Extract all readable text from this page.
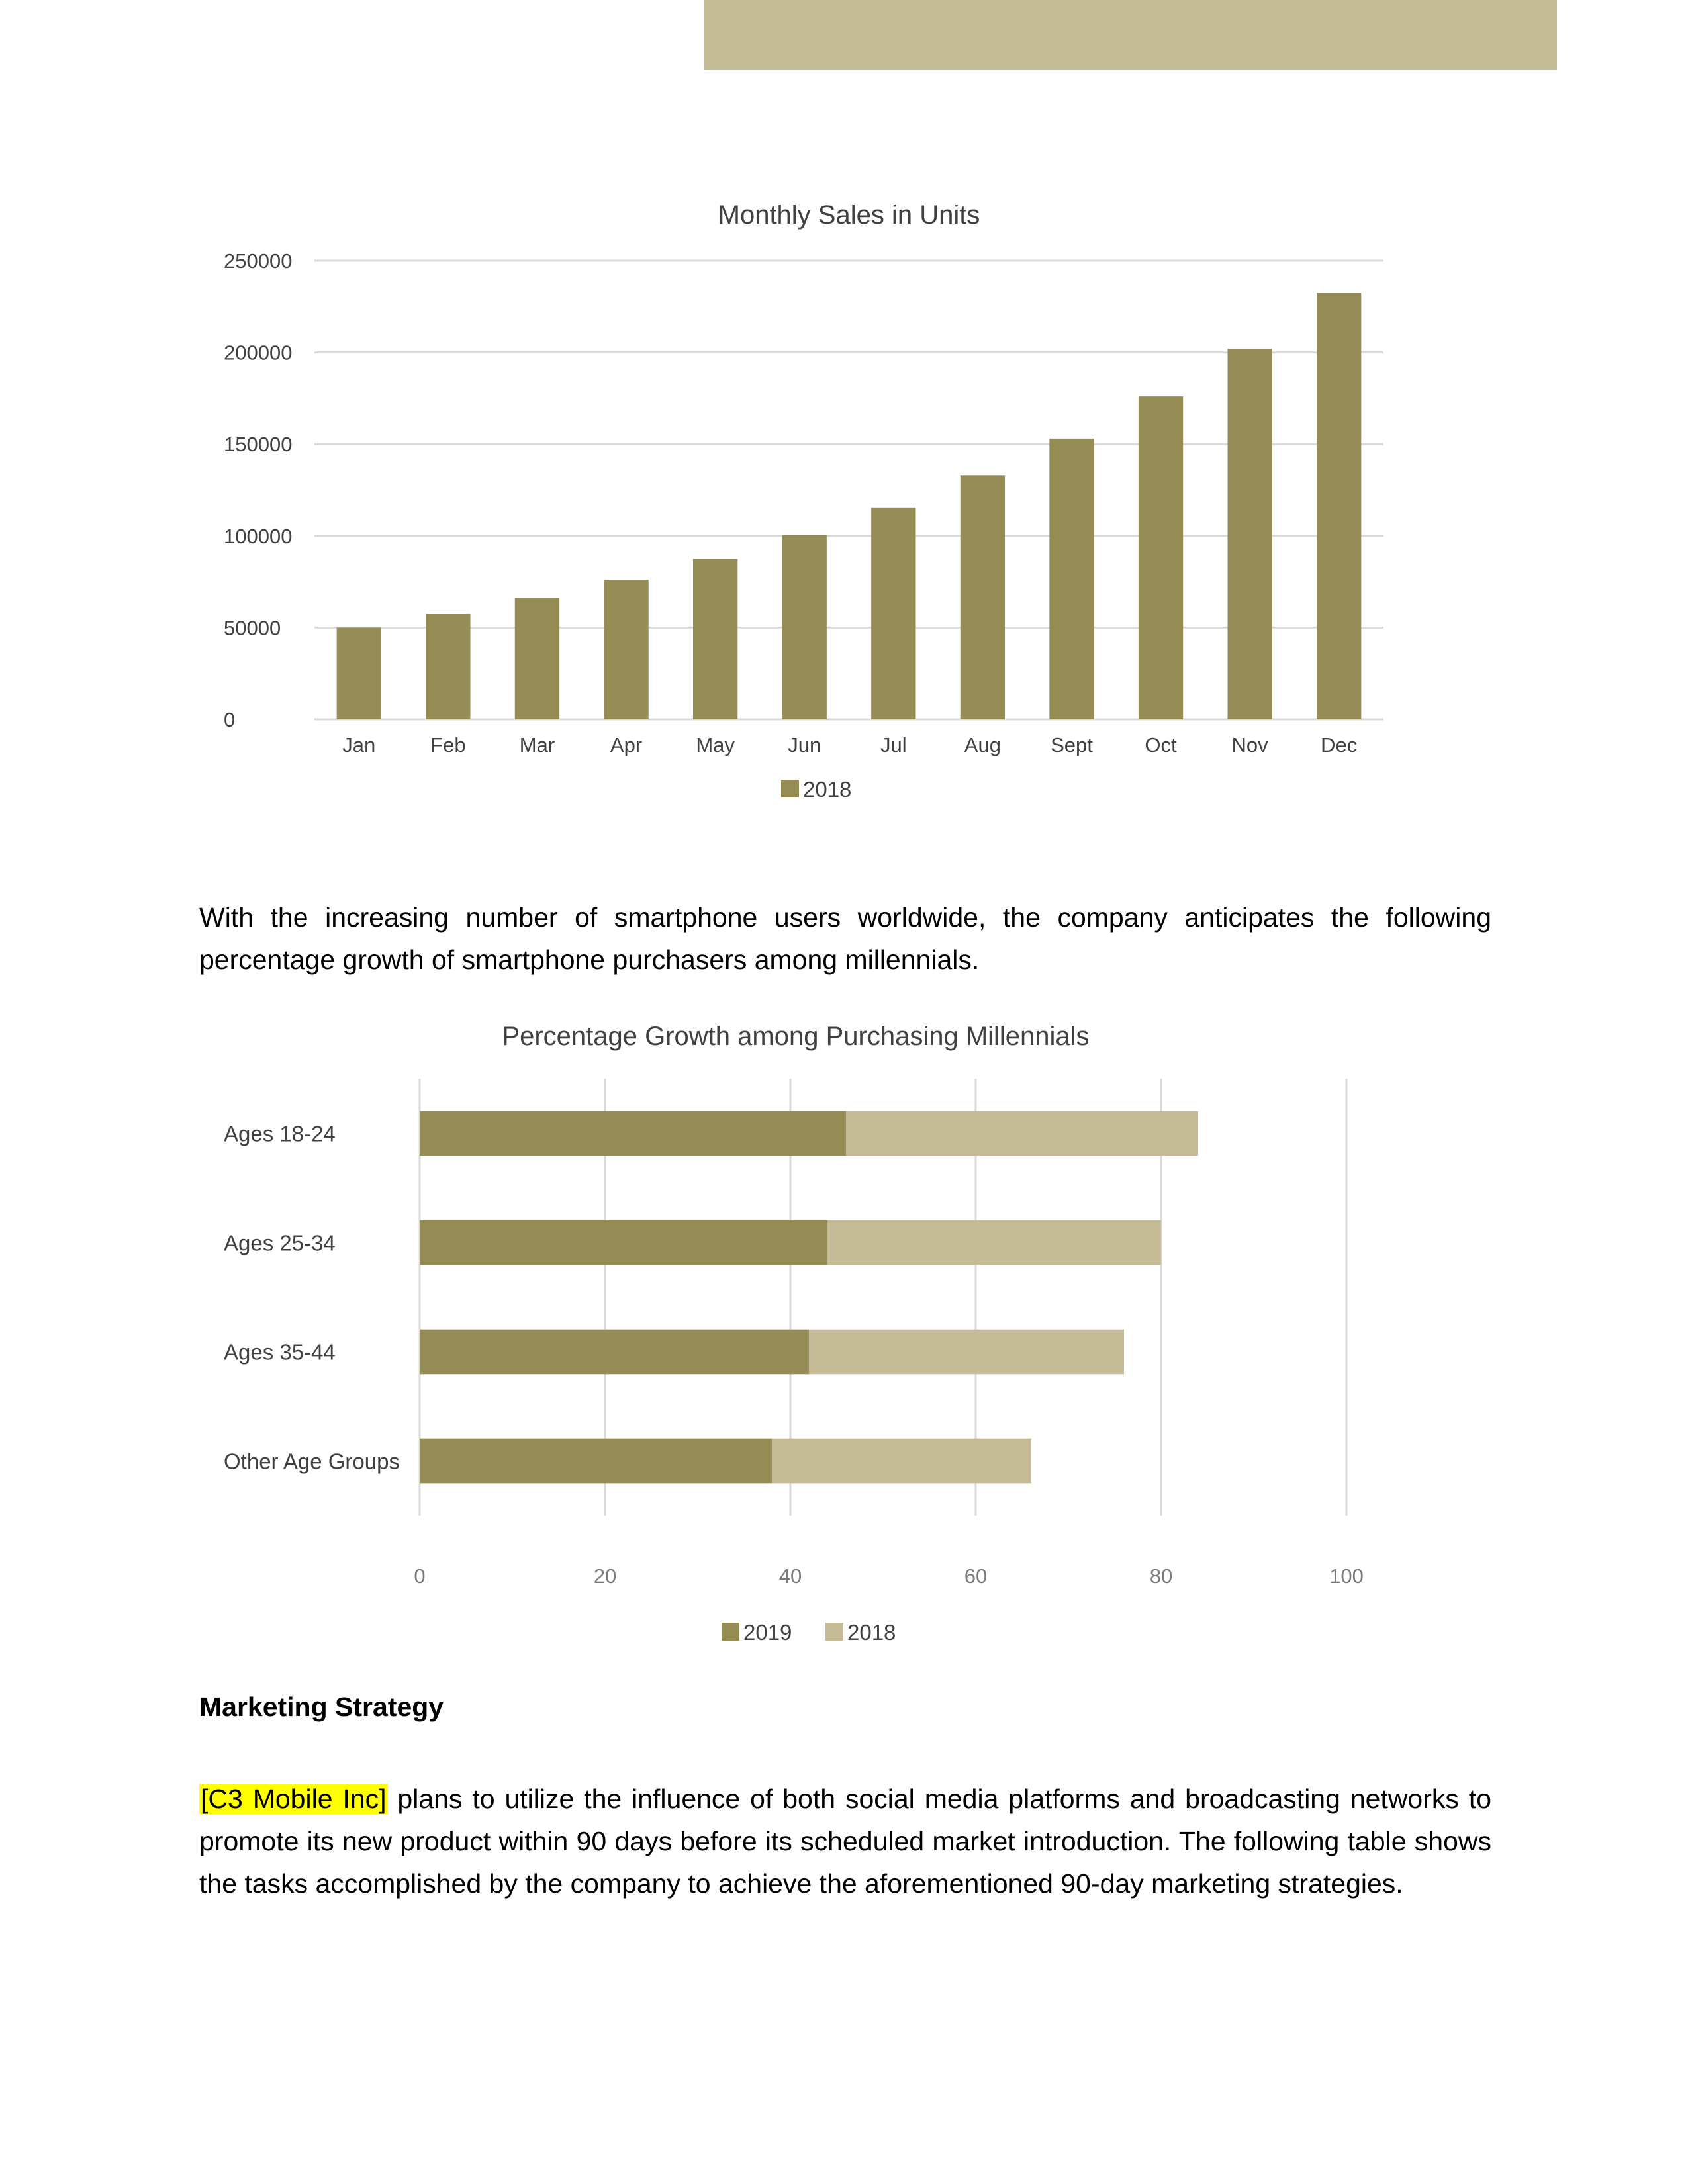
Monthly Sales in Units
0
50000
100000
150000
200000
250000
Jan	Feb	Mar	Apr	May	Jun	Jul	Aug Sept	Oct	Nov	Dec
2018

With the increasing number of smartphone users worldwide, the company anticipates the following percentage growth of smartphone purchasers among millennials.

Percentage Growth among Purchasing Millennials
0	20	40	60	80	100
Ages 18-24
Ages 25-34
Ages 35-44
Other Age Groups
2019	2018

Marketing Strategy

[C3 Mobile Inc] plans to utilize the influence of both social media platforms and broadcasting networks to promote its new product within 90 days before its scheduled market introduction. The following table shows the tasks accomplished by the company to achieve the aforementioned 90-day marketing strategies.
